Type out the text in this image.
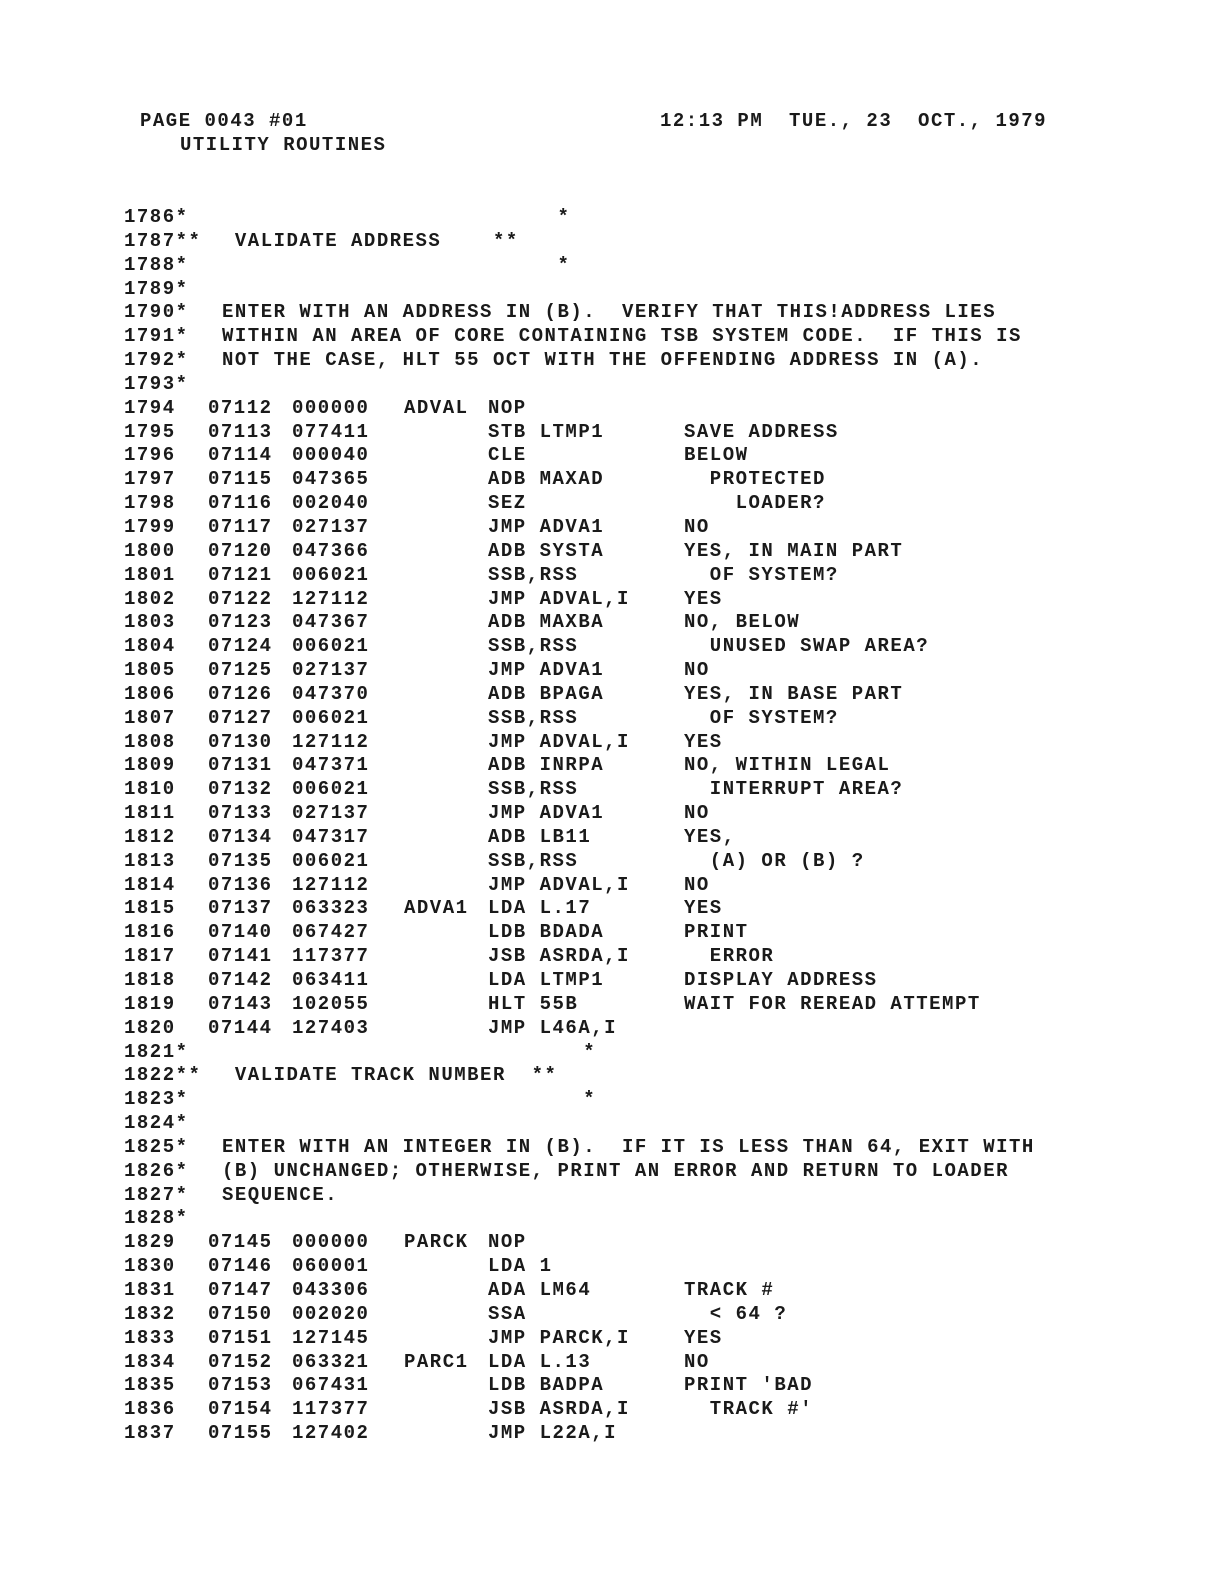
PAGE 0043 #01	12:13 PM  TUE., 23  OCT., 1979
UTILITY ROUTINES
1786* *
1787** VALIDATE ADDRESS    **
1788* *
1789*
1790* ENTER WITH AN ADDRESS IN (B).  VERIFY THAT THIS!ADDRESS LIES
1791* WITHIN AN AREA OF CORE CONTAINING TSB SYSTEM CODE.  IF THIS IS
1792* NOT THE CASE, HLT 55 OCT WITH THE OFFENDING ADDRESS IN (A).
1793*
1794 07112 000000 ADVAL NOP
1795 07113 077411	STB LTMP1	SAVE ADDRESS
1796 07114 000040	CLE	BELOW
1797 07115 047365	ADB MAXAD	PROTECTED
1798 07116 002040	SEZ	LOADER?
1799 07117 027137	JMP ADVA1	NO
1800 07120 047366	ADB SYSTA	YES, IN MAIN PART
1801 07121 006021	SSB,RSS	OF SYSTEM?
1802 07122 127112	JMP ADVAL,I	YES
1803 07123 047367	ADB MAXBA	NO, BELOW
1804 07124 006021	SSB,RSS	UNUSED SWAP AREA?
1805 07125 027137	JMP ADVA1	NO
1806 07126 047370	ADB BPAGA	YES, IN BASE PART
1807 07127 006021	SSB,RSS	OF SYSTEM?
1808 07130 127112	JMP ADVAL,I	YES
1809 07131 047371	ADB INRPA	NO, WITHIN LEGAL
1810 07132 006021	SSB,RSS	INTERRUPT AREA?
1811 07133 027137	JMP ADVA1	NO
1812 07134 047317	ADB LB11	YES,
1813 07135 006021	SSB,RSS	(A) OR (B) ?
1814 07136 127112	JMP ADVAL,I	NO
1815 07137 063323 ADVA1 LDA L.17	YES
1816 07140 067427	LDB BDADA	PRINT
1817 07141 117377	JSB ASRDA,I	ERROR
1818 07142 063411	LDA LTMP1	DISPLAY ADDRESS
1819 07143 102055	HLT 55B	WAIT FOR REREAD ATTEMPT
1820 07144 127403	JMP L46A,I
1821* *
1822** VALIDATE TRACK NUMBER  **
1823* *
1824*
1825* ENTER WITH AN INTEGER IN (B).  IF IT IS LESS THAN 64, EXIT WITH
1826* (B) UNCHANGED; OTHERWISE, PRINT AN ERROR AND RETURN TO LOADER
1827* SEQUENCE.
1828*
1829 07145 000000 PARCK NOP
1830 07146 060001	LDA 1
1831 07147 043306	ADA LM64	TRACK #
1832 07150 002020	SSA	< 64 ?
1833 07151 127145	JMP PARCK,I	YES
1834 07152 063321 PARC1 LDA L.13	NO
1835 07153 067431	LDB BADPA	PRINT 'BAD
1836 07154 117377	JSB ASRDA,I	TRACK #'
1837 07155 127402	JMP L22A,I
